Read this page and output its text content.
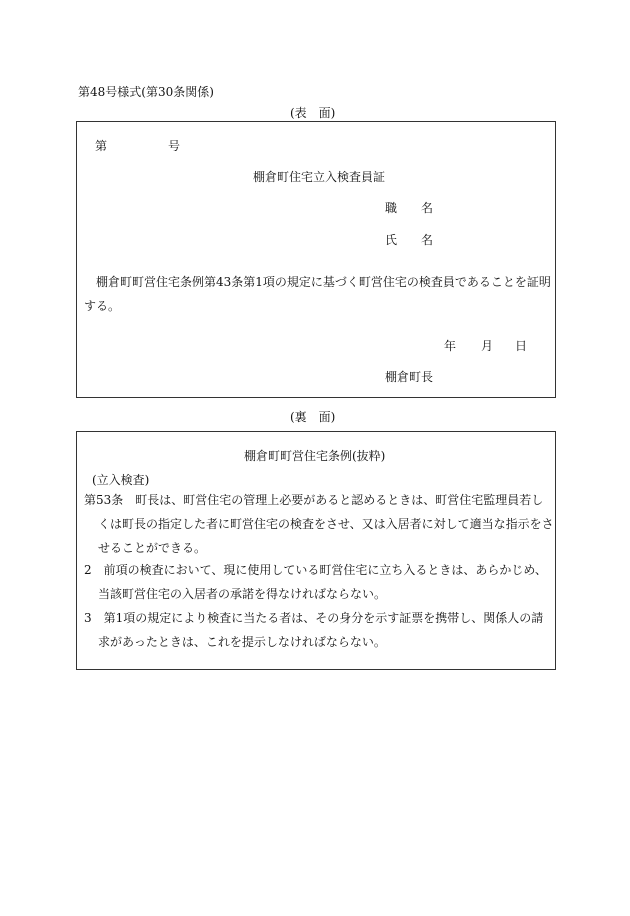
第48号様式(第30条関係)
(表　面)
第	号
棚倉町住宅立入検査員証
職　　名
氏　　名
棚倉町町営住宅条例第43条第1項の規定に基づく町営住宅の検査員であることを証明する。
年 月 日
棚倉町長
(裏　面)
棚倉町町営住宅条例(抜粋)
(立入検査)
第53条　町長は、町営住宅の管理上必要があると認めるときは、町営住宅監理員若しくは町長の指定した者に町営住宅の検査をさせ、又は入居者に対して適当な指示をさせることができる。
2　前項の検査において、現に使用している町営住宅に立ち入るときは、あらかじめ、当該町営住宅の入居者の承諾を得なければならない。
3　第1項の規定により検査に当たる者は、その身分を示す証票を携帯し、関係人の請求があったときは、これを提示しなければならない。
